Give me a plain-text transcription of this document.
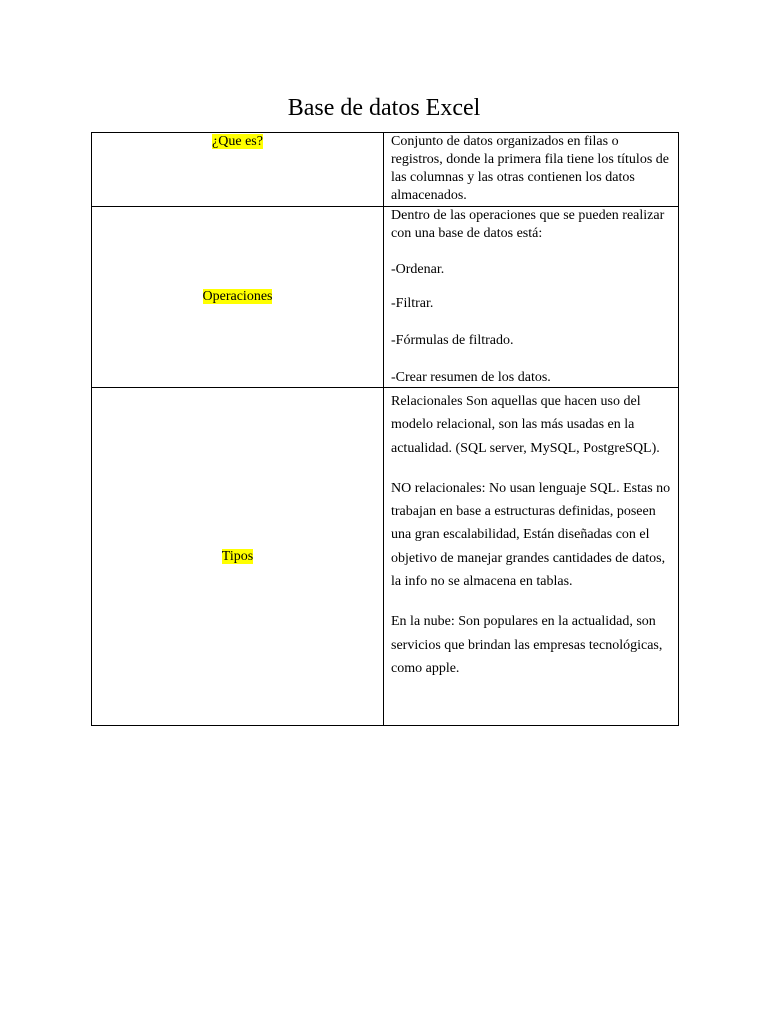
Base de datos Excel
¿Que es?	Conjunto de datos organizados en filas o registros, donde la primera fila tiene los títulos de las columnas y las otras contienen los datos almacenados.

Operaciones	Dentro de las operaciones que se pueden realizar con una base de datos está:

-Ordenar.

-Filtrar.

-Fórmulas de filtrado.

-Crear resumen de los datos.

Tipos	Relacionales Son aquellas que hacen uso del modelo relacional, son las más usadas en la actualidad. (SQL server, MySQL, PostgreSQL).

NO relacionales: No usan lenguaje SQL. Estas no trabajan en base a estructuras definidas, poseen una gran escalabilidad, Están diseñadas con el objetivo de manejar grandes cantidades de datos, la info no se almacena en tablas.

En la nube: Son populares en la actualidad, son servicios que brindan las empresas tecnológicas, como apple.
